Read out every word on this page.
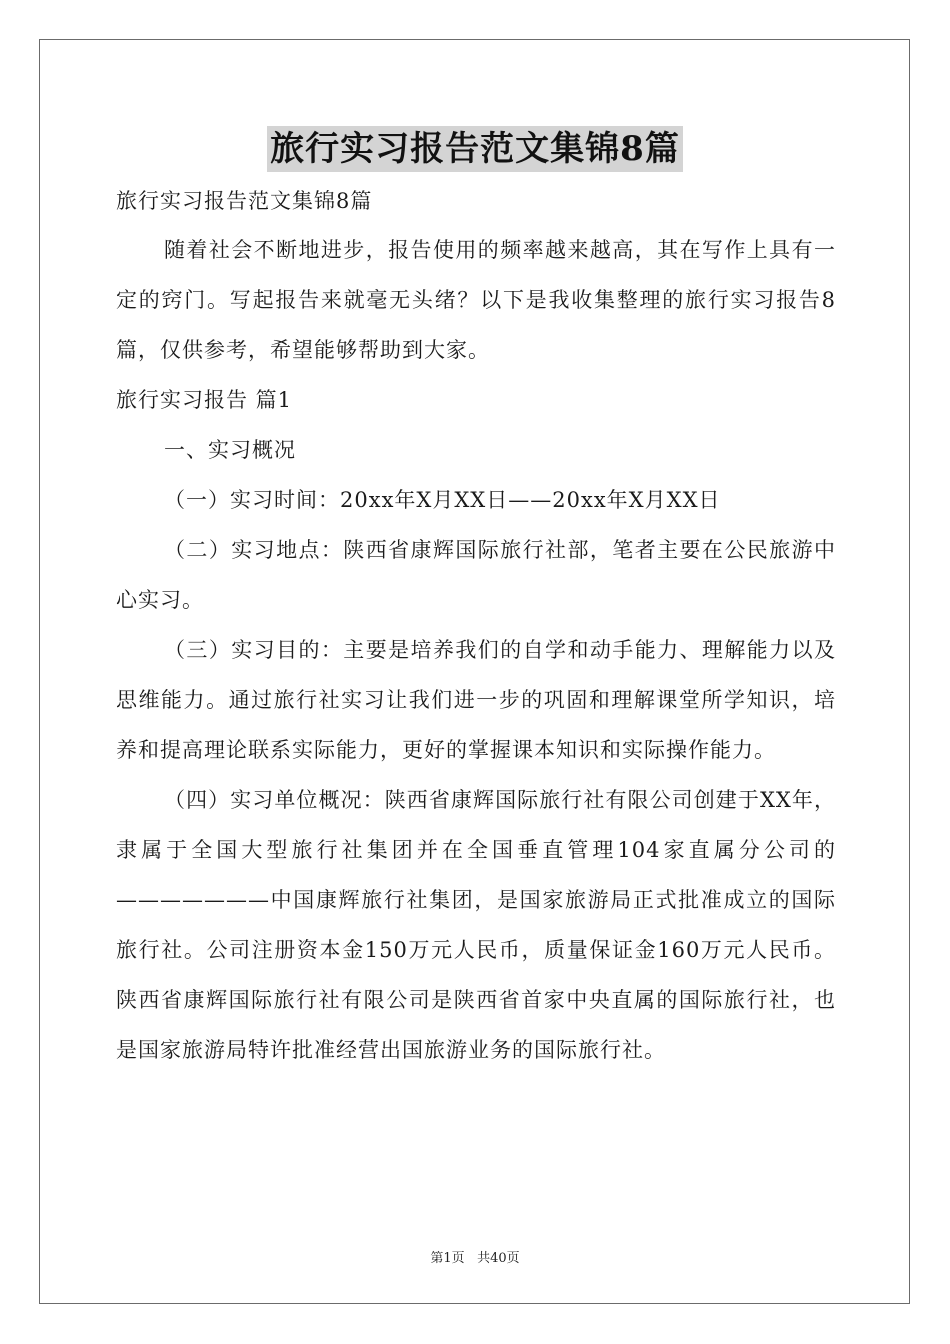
旅行实习报告范文集锦8篇

旅行实习报告范文集锦8篇

随着社会不断地进步，报告使用的频率越来越高，其在写作上具有一定的窍门。写起报告来就毫无头绪？以下是我收集整理的旅行实习报告8篇，仅供参考，希望能够帮助到大家。

旅行实习报告 篇1

一、实习概况

（一）实习时间：20xx年X月XX日——20xx年X月XX日

（二）实习地点：陕西省康辉国际旅行社部，笔者主要在公民旅游中心实习。

（三）实习目的：主要是培养我们的自学和动手能力、理解能力以及思维能力。通过旅行社实习让我们进一步的巩固和理解课堂所学知识，培养和提高理论联系实际能力，更好的掌握课本知识和实际操作能力。

（四）实习单位概况：陕西省康辉国际旅行社有限公司创建于XX年，隶属于全国大型旅行社集团并在全国垂直管理104家直属分公司的———————中国康辉旅行社集团，是国家旅游局正式批准成立的国际旅行社。公司注册资本金150万元人民币，质量保证金160万元人民币。陕西省康辉国际旅行社有限公司是陕西省首家中央直属的国际旅行社，也是国家旅游局特许批准经营出国旅游业务的国际旅行社。

第1页 共40页
